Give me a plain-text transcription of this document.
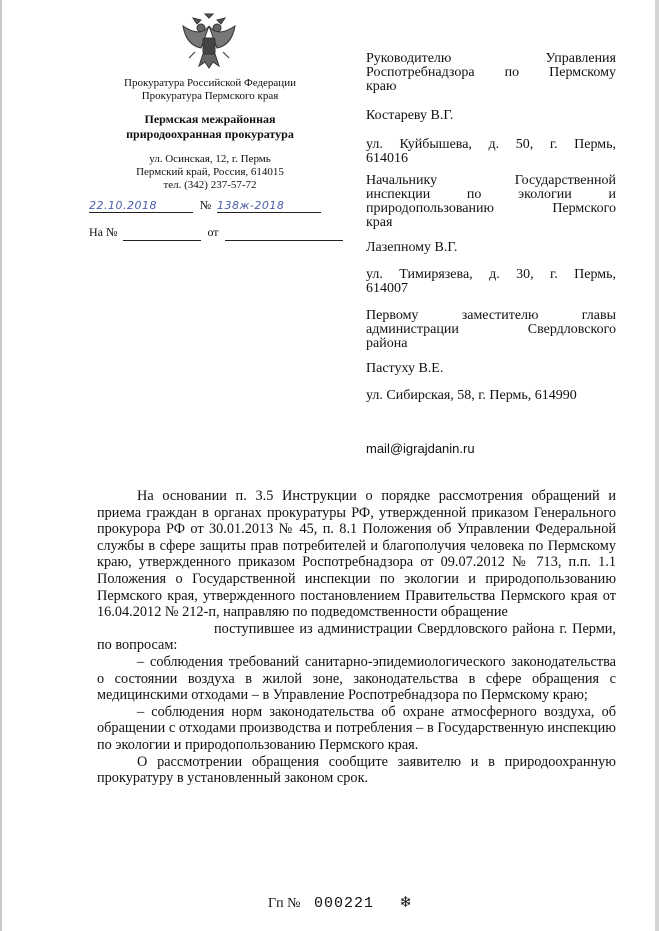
Прокуратура Российской Федерации
Прокуратура Пермского края
Пермская межрайонная
природоохранная прокуратура
ул. Осинская, 12, г. Пермь
Пермский край, Россия, 614015
тел. (342) 237-57-72
22.10.2018	№ 138ж-2018
На №	от
Руководителю Управления
Роспотребнадзора по Пермскому
краю
Костареву В.Г.
ул. Куйбышева, д. 50, г. Пермь,
614016
Начальнику Государственной
инспекции по экологии и
природопользованию Пермского
края
Лазепному В.Г.
ул. Тимирязева, д. 30, г. Пермь,
614007
Первому заместителю главы
администрации Свердловского
района
Пастуху В.Е.
ул. Сибирская, 58, г. Пермь, 614990
mail@igrajdanin.ru

На основании п. 3.5 Инструкции о порядке рассмотрения обращений и приема граждан в органах прокуратуры РФ, утвержденной приказом Генерального прокурора РФ от 30.01.2013 № 45, п. 8.1 Положения об Управлении Федеральной службы в сфере защиты прав потребителей и благополучия человека по Пермскому краю, утвержденного приказом Роспотребнадзора от 09.07.2012 № 713, п.п. 1.1 Положения о Государственной инспекции по экологии и природопользованию Пермского края, утвержденного постановлением Правительства Пермского края от 16.04.2012 № 212-п, направляю по подведомственности обращение

поступившее из администрации Свердловского района г. Перми, по вопросам:

– соблюдения требований санитарно-эпидемиологического законодательства о состоянии воздуха в жилой зоне, законодательства в сфере обращения с медицинскими отходами – в Управление Роспотребнадзора по Пермскому краю;

– соблюдения норм законодательства об охране атмосферного воздуха, об обращении с отходами производства и потребления – в Государственную инспекцию по экологии и природопользованию Пермского края.

О рассмотрении обращения сообщите заявителю и в природоохранную прокуратуру в установленный законом срок.

Гп № 000221 ❄
